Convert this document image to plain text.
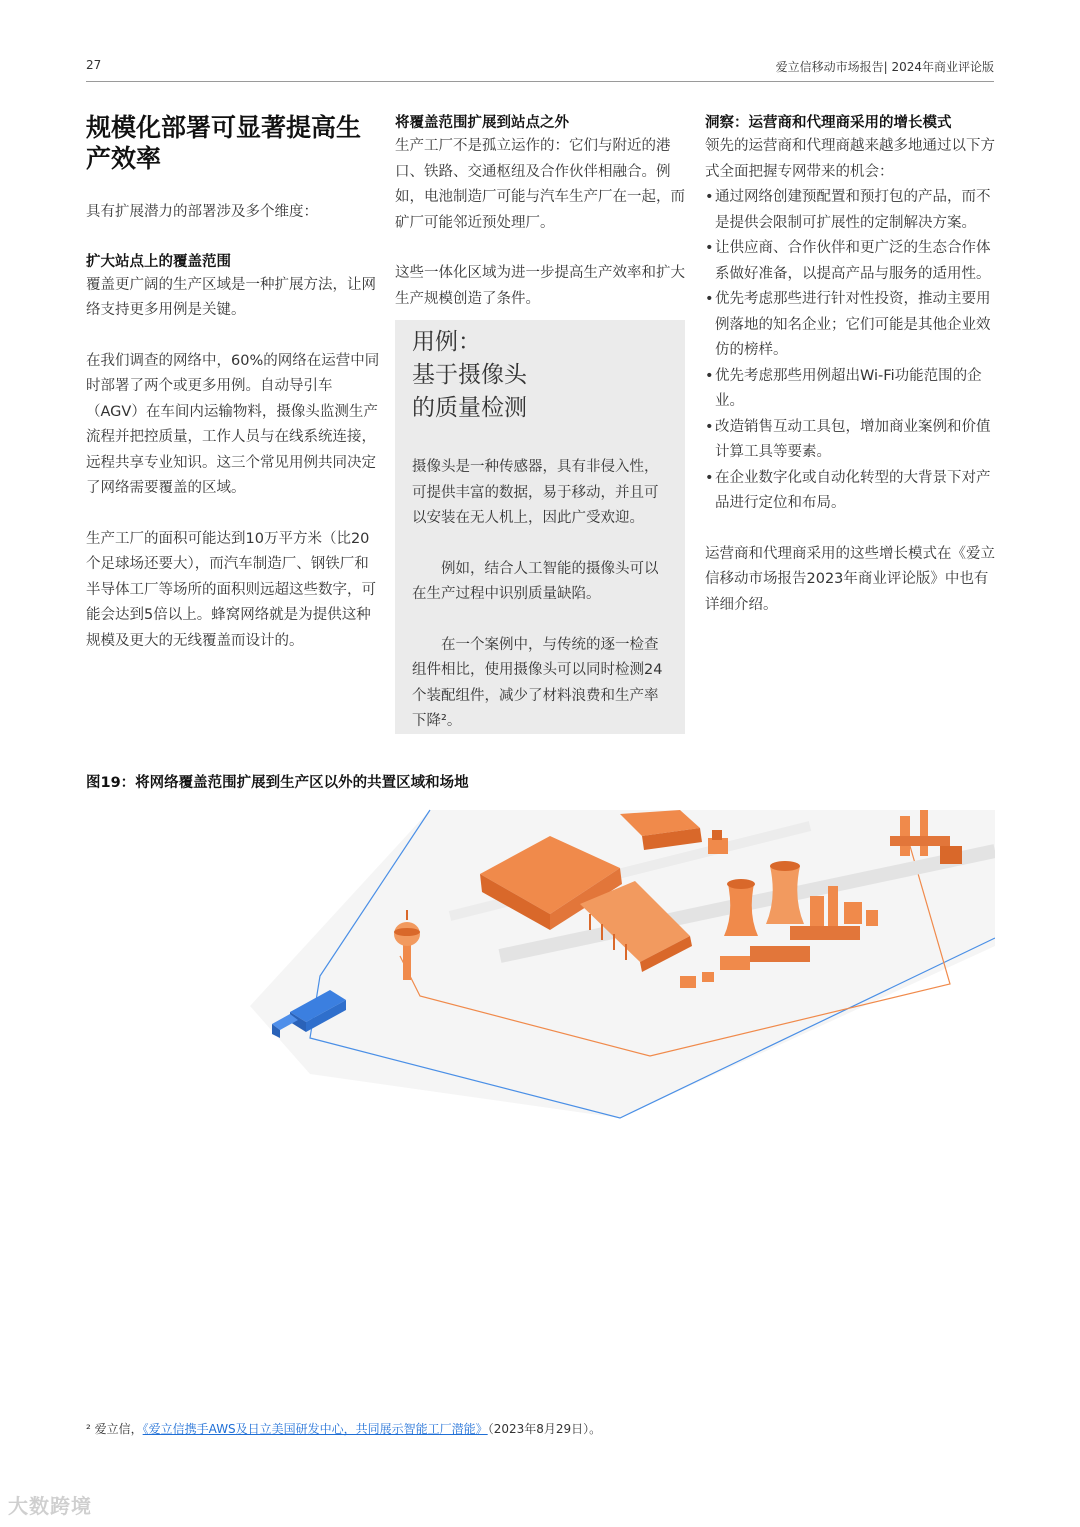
27	爱立信移动市场报告| 2024年商业评论版
规模化部署可显著提高生产效率

具有扩展潜力的部署涉及多个维度：

扩大站点上的覆盖范围

覆盖更广阔的生产区域是一种扩展方法，让网络支持更多用例是关键。

在我们调查的网络中，60%的网络在运营中同时部署了两个或更多用例。自动导引车（AGV）在车间内运输物料，摄像头监测生产流程并把控质量，工作人员与在线系统连接，远程共享专业知识。这三个常见用例共同决定了网络需要覆盖的区域。

生产工厂的面积可能达到10万平方米（比20个足球场还要大），而汽车制造厂、钢铁厂和半导体工厂等场所的面积则远超这些数字，可能会达到5倍以上。蜂窝网络就是为提供这种规模及更大的无线覆盖而设计的。

将覆盖范围扩展到站点之外

生产工厂不是孤立运作的：它们与附近的港口、铁路、交通枢纽及合作伙伴相融合。例如，电池制造厂可能与汽车生产厂在一起，而矿厂可能邻近预处理厂。

这些一体化区域为进一步提高生产效率和扩大生产规模创造了条件。

用例：
基于摄像头
的质量检测

摄像头是一种传感器，具有非侵入性，可提供丰富的数据，易于移动，并且可以安装在无人机上，因此广受欢迎。

例如，结合人工智能的摄像头可以在生产过程中识别质量缺陷。

在一个案例中，与传统的逐一检查组件相比，使用摄像头可以同时检测24个装配组件，减少了材料浪费和生产率下降²。

洞察：运营商和代理商采用的增长模式

领先的运营商和代理商越来越多地通过以下方式全面把握专网带来的机会：

• 通过网络创建预配置和预打包的产品，而不是提供会限制可扩展性的定制解决方案。
• 让供应商、合作伙伴和更广泛的生态合作体系做好准备，以提高产品与服务的适用性。
• 优先考虑那些进行针对性投资，推动主要用例落地的知名企业；它们可能是其他企业效仿的榜样。
• 优先考虑那些用例超出Wi-Fi功能范围的企业。
• 改造销售互动工具包，增加商业案例和价值计算工具等要素。
• 在企业数字化或自动化转型的大背景下对产品进行定位和布局。

运营商和代理商采用的这些增长模式在《爱立信移动市场报告2023年商业评论版》中也有详细介绍。

图19：将网络覆盖范围扩展到生产区以外的共置区域和场地
² 爱立信，《爱立信携手AWS及日立美国研发中心，共同展示智能工厂潜能》（2023年8月29日）。
大数跨境
